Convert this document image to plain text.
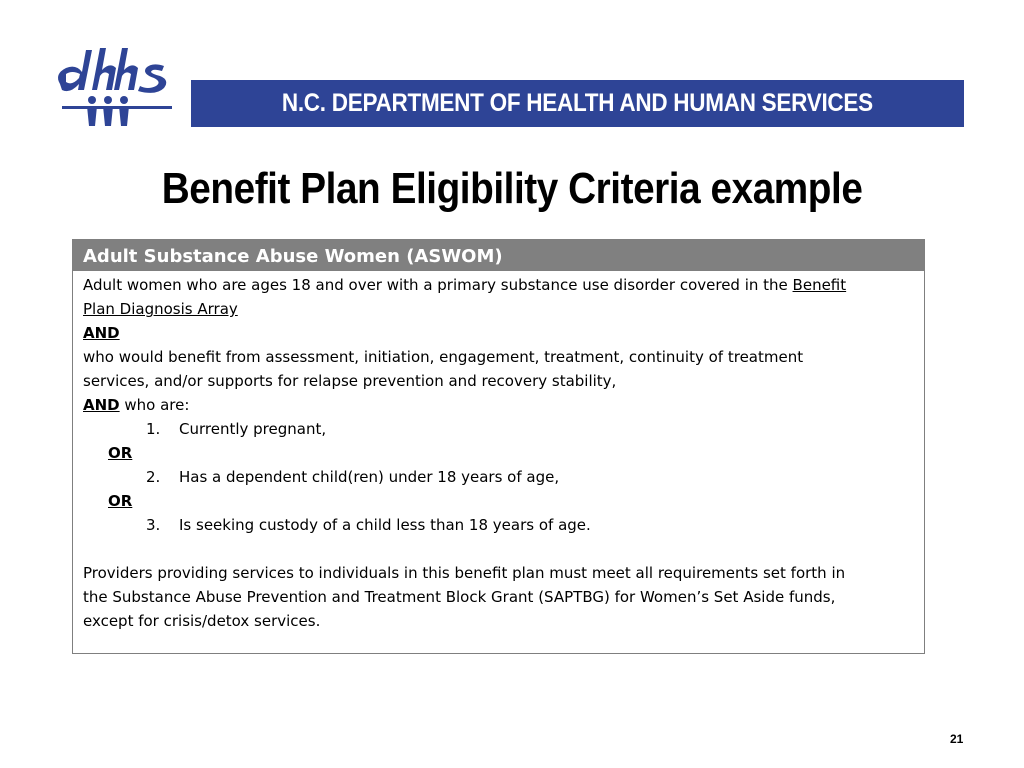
N.C. DEPARTMENT OF HEALTH AND HUMAN SERVICES
Benefit Plan Eligibility Criteria example
Adult Substance Abuse Women (ASWOM)

Adult women who are ages 18 and over with a primary substance use disorder covered in the Benefit

Plan Diagnosis Array

AND

who would benefit from assessment, initiation, engagement, treatment, continuity of treatment

services, and/or supports for relapse prevention and recovery stability,

AND who are:

1.	Currently pregnant,
OR
2.	Has a dependent child(ren) under 18 years of age,
OR
3.	Is seeking custody of a child less than 18 years of age.

Providers providing services to individuals in this benefit plan must meet all requirements set forth in

the Substance Abuse Prevention and Treatment Block Grant (SAPTBG) for Women’s Set Aside funds,

except for crisis/detox services.

21
